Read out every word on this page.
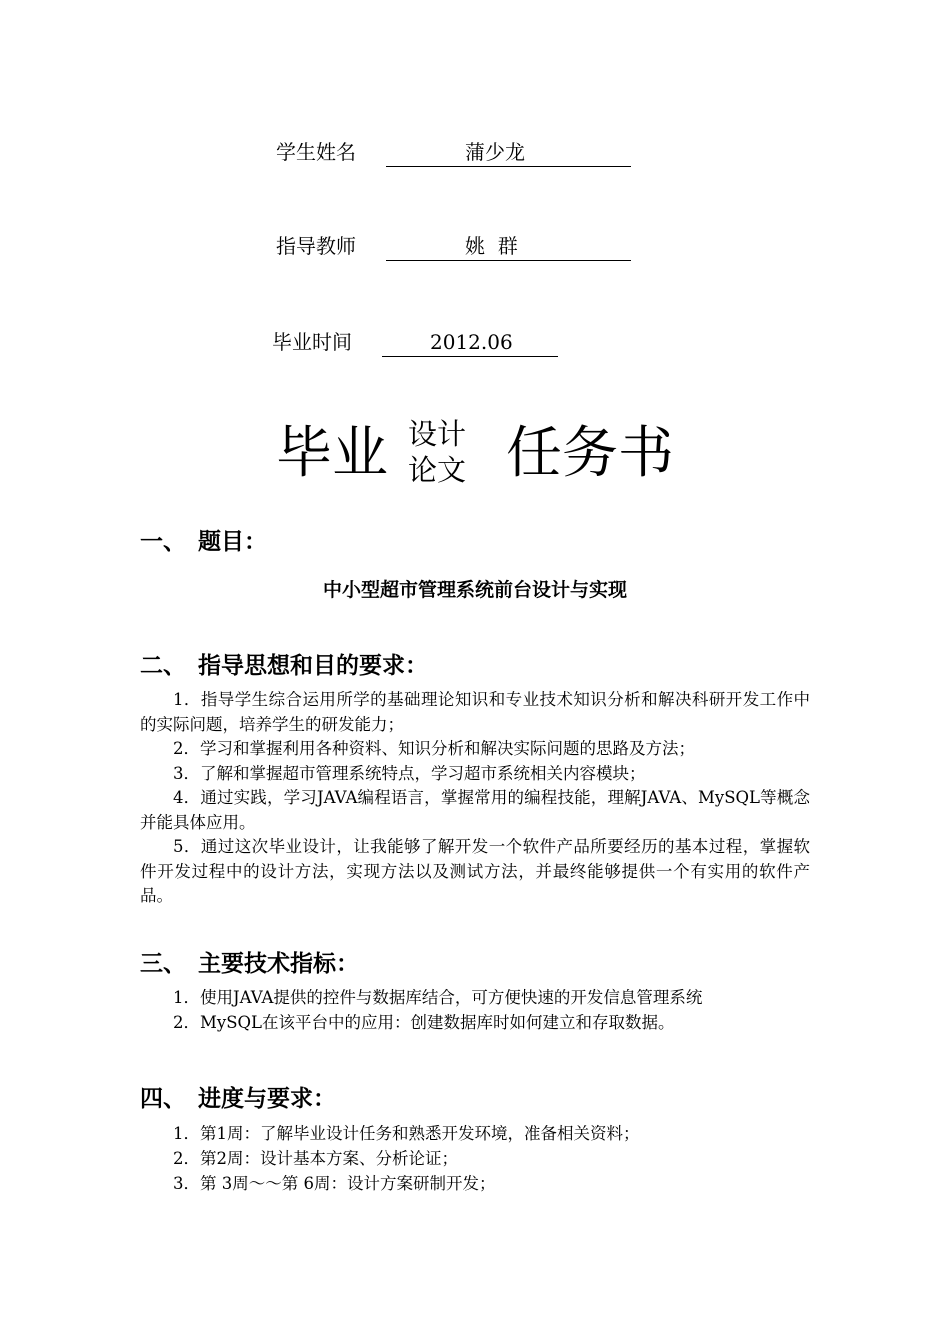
学生姓名	蒲少龙
指导教师	姚  群
毕业时间	2012.06
毕业 设计
论文 任务书
一、 题目：
中小型超市管理系统前台设计与实现
二、 指导思想和目的要求：

1．指导学生综合运用所学的基础理论知识和专业技术知识分析和解决科研开发工作中的实际问题，培养学生的研发能力；

2．学习和掌握利用各种资料、知识分析和解决实际问题的思路及方法；

3．了解和掌握超市管理系统特点，学习超市系统相关内容模块；

4．通过实践，学习JAVA编程语言，掌握常用的编程技能，理解JAVA、MySQL等概念并能具体应用。

5．通过这次毕业设计，让我能够了解开发一个软件产品所要经历的基本过程，掌握软件开发过程中的设计方法，实现方法以及测试方法，并最终能够提供一个有实用的软件产品。

三、 主要技术指标：

1．使用JAVA提供的控件与数据库结合，可方便快速的开发信息管理系统

2．MySQL在该平台中的应用：创建数据库时如何建立和存取数据。

四、 进度与要求：

1．第1周：了解毕业设计任务和熟悉开发环境，准备相关资料；

2．第2周：设计基本方案、分析论证；

3．第 3周～～第 6周：设计方案研制开发；
